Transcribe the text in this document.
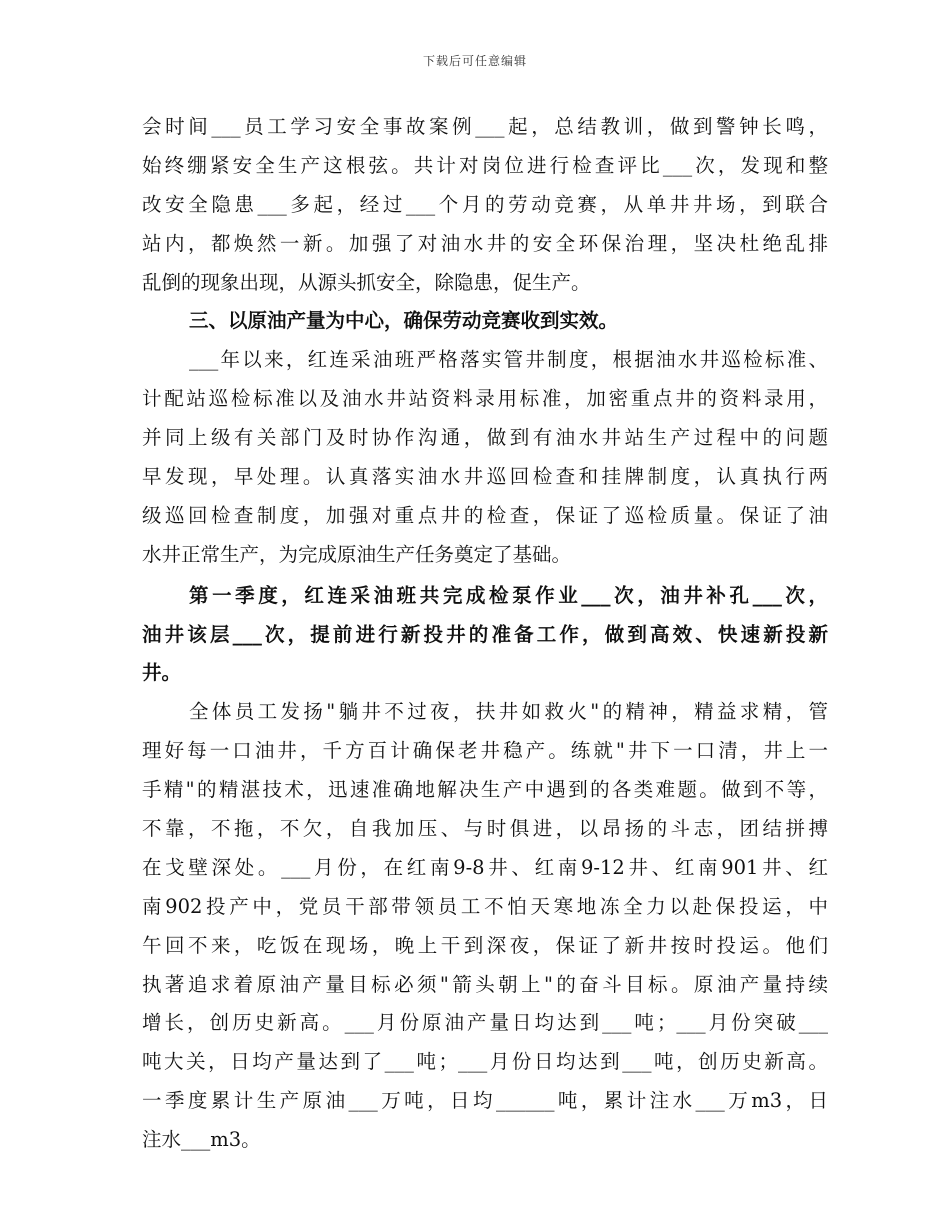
下载后可任意编辑
会时间___员工学习安全事故案例___起，总结教训，做到警钟长鸣，
始终绷紧安全生产这根弦。共计对岗位进行检查评比___次，发现和整
改安全隐患___多起，经过___个月的劳动竞赛，从单井井场，到联合
站内，都焕然一新。加强了对油水井的安全环保治理，坚决杜绝乱排
乱倒的现象出现，从源头抓安全，除隐患，促生产。
三、以原油产量为中心，确保劳动竞赛收到实效。
___年以来，红连采油班严格落实管井制度，根据油水井巡检标准、
计配站巡检标准以及油水井站资料录用标准，加密重点井的资料录用，
并同上级有关部门及时协作沟通，做到有油水井站生产过程中的问题
早发现，早处理。认真落实油水井巡回检查和挂牌制度，认真执行两
级巡回检查制度，加强对重点井的检查，保证了巡检质量。保证了油
水井正常生产，为完成原油生产任务奠定了基础。
第一季度，红连采油班共完成检泵作业___次，油井补孔___次，
油井该层___次，提前进行新投井的准备工作，做到高效、快速新投新
井。
全体员工发扬"躺井不过夜，扶井如救火"的精神，精益求精，管
理好每一口油井，千方百计确保老井稳产。练就"井下一口清，井上一
手精"的精湛技术，迅速准确地解决生产中遇到的各类难题。做到不等，
不靠，不拖，不欠，自我加压、与时俱进，以昂扬的斗志，团结拼搏
在戈壁深处。___月份，在红南9-8井、红南9-12井、红南901井、红
南902投产中，党员干部带领员工不怕天寒地冻全力以赴保投运，中
午回不来，吃饭在现场，晚上干到深夜，保证了新井按时投运。他们
执著追求着原油产量目标必须"箭头朝上"的奋斗目标。原油产量持续
增长，创历史新高。___月份原油产量日均达到___吨；___月份突破___
吨大关，日均产量达到了___吨；___月份日均达到___吨，创历史新高。
一季度累计生产原油___万吨，日均______吨，累计注水___万m3，日
注水___m3。
